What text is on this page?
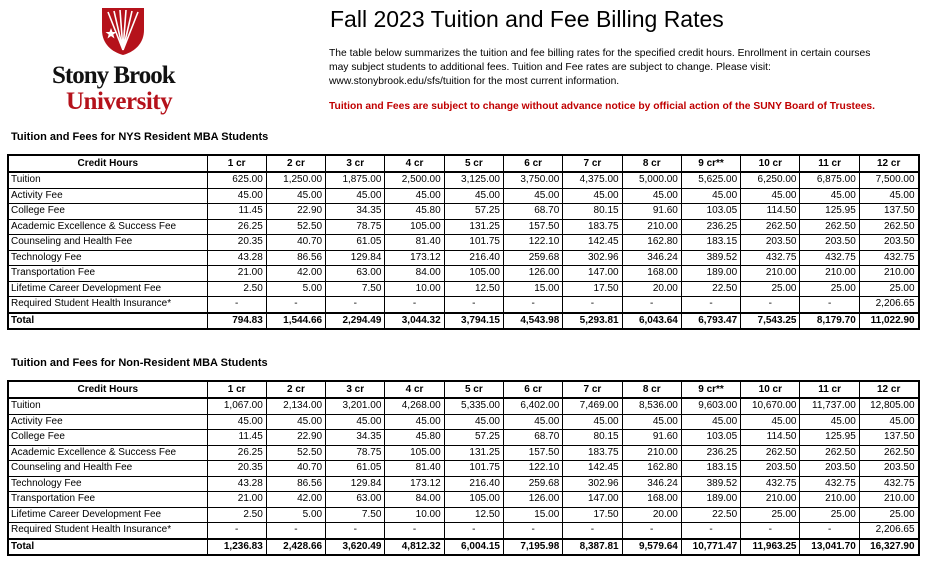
Stony Brook
University
Fall 2023 Tuition and Fee Billing Rates
The table below summarizes the tuition and fee billing rates for the specified credit hours. Enrollment in certain courses
may subject students to additional fees. Tuition and Fee rates are subject to change. Please visit:
www.stonybrook.edu/sfs/tuition for the most current information.
Tuition and Fees are subject to change without advance notice by official action of the SUNY Board of Trustees.
Tuition and Fees for NYS Resident MBA Students
Credit Hours	1 cr	2 cr	3 cr	4 cr	5 cr	6 cr	7 cr	8 cr	9 cr**	10 cr	11 cr	12 cr
Tuition	625.00	1,250.00	1,875.00	2,500.00	3,125.00	3,750.00	4,375.00	5,000.00	5,625.00	6,250.00	6,875.00	7,500.00
Activity Fee	45.00	45.00	45.00	45.00	45.00	45.00	45.00	45.00	45.00	45.00	45.00	45.00
College Fee	11.45	22.90	34.35	45.80	57.25	68.70	80.15	91.60	103.05	114.50	125.95	137.50
Academic Excellence & Success Fee	26.25	52.50	78.75	105.00	131.25	157.50	183.75	210.00	236.25	262.50	262.50	262.50
Counseling and Health Fee	20.35	40.70	61.05	81.40	101.75	122.10	142.45	162.80	183.15	203.50	203.50	203.50
Technology Fee	43.28	86.56	129.84	173.12	216.40	259.68	302.96	346.24	389.52	432.75	432.75	432.75
Transportation Fee	21.00	42.00	63.00	84.00	105.00	126.00	147.00	168.00	189.00	210.00	210.00	210.00
Lifetime Career Development Fee	2.50	5.00	7.50	10.00	12.50	15.00	17.50	20.00	22.50	25.00	25.00	25.00
Required Student Health Insurance*	-	-	-	-	-	-	-	-	-	-	-	2,206.65
Total	794.83	1,544.66	2,294.49	3,044.32	3,794.15	4,543.98	5,293.81	6,043.64	6,793.47	7,543.25	8,179.70	11,022.90
Tuition and Fees for Non-Resident MBA Students
Credit Hours	1 cr	2 cr	3 cr	4 cr	5 cr	6 cr	7 cr	8 cr	9 cr**	10 cr	11 cr	12 cr
Tuition	1,067.00	2,134.00	3,201.00	4,268.00	5,335.00	6,402.00	7,469.00	8,536.00	9,603.00	10,670.00	11,737.00	12,805.00
Activity Fee	45.00	45.00	45.00	45.00	45.00	45.00	45.00	45.00	45.00	45.00	45.00	45.00
College Fee	11.45	22.90	34.35	45.80	57.25	68.70	80.15	91.60	103.05	114.50	125.95	137.50
Academic Excellence & Success Fee	26.25	52.50	78.75	105.00	131.25	157.50	183.75	210.00	236.25	262.50	262.50	262.50
Counseling and Health Fee	20.35	40.70	61.05	81.40	101.75	122.10	142.45	162.80	183.15	203.50	203.50	203.50
Technology Fee	43.28	86.56	129.84	173.12	216.40	259.68	302.96	346.24	389.52	432.75	432.75	432.75
Transportation Fee	21.00	42.00	63.00	84.00	105.00	126.00	147.00	168.00	189.00	210.00	210.00	210.00
Lifetime Career Development Fee	2.50	5.00	7.50	10.00	12.50	15.00	17.50	20.00	22.50	25.00	25.00	25.00
Required Student Health Insurance*	-	-	-	-	-	-	-	-	-	-	-	2,206.65
Total	1,236.83	2,428.66	3,620.49	4,812.32	6,004.15	7,195.98	8,387.81	9,579.64	10,771.47	11,963.25	13,041.70	16,327.90
